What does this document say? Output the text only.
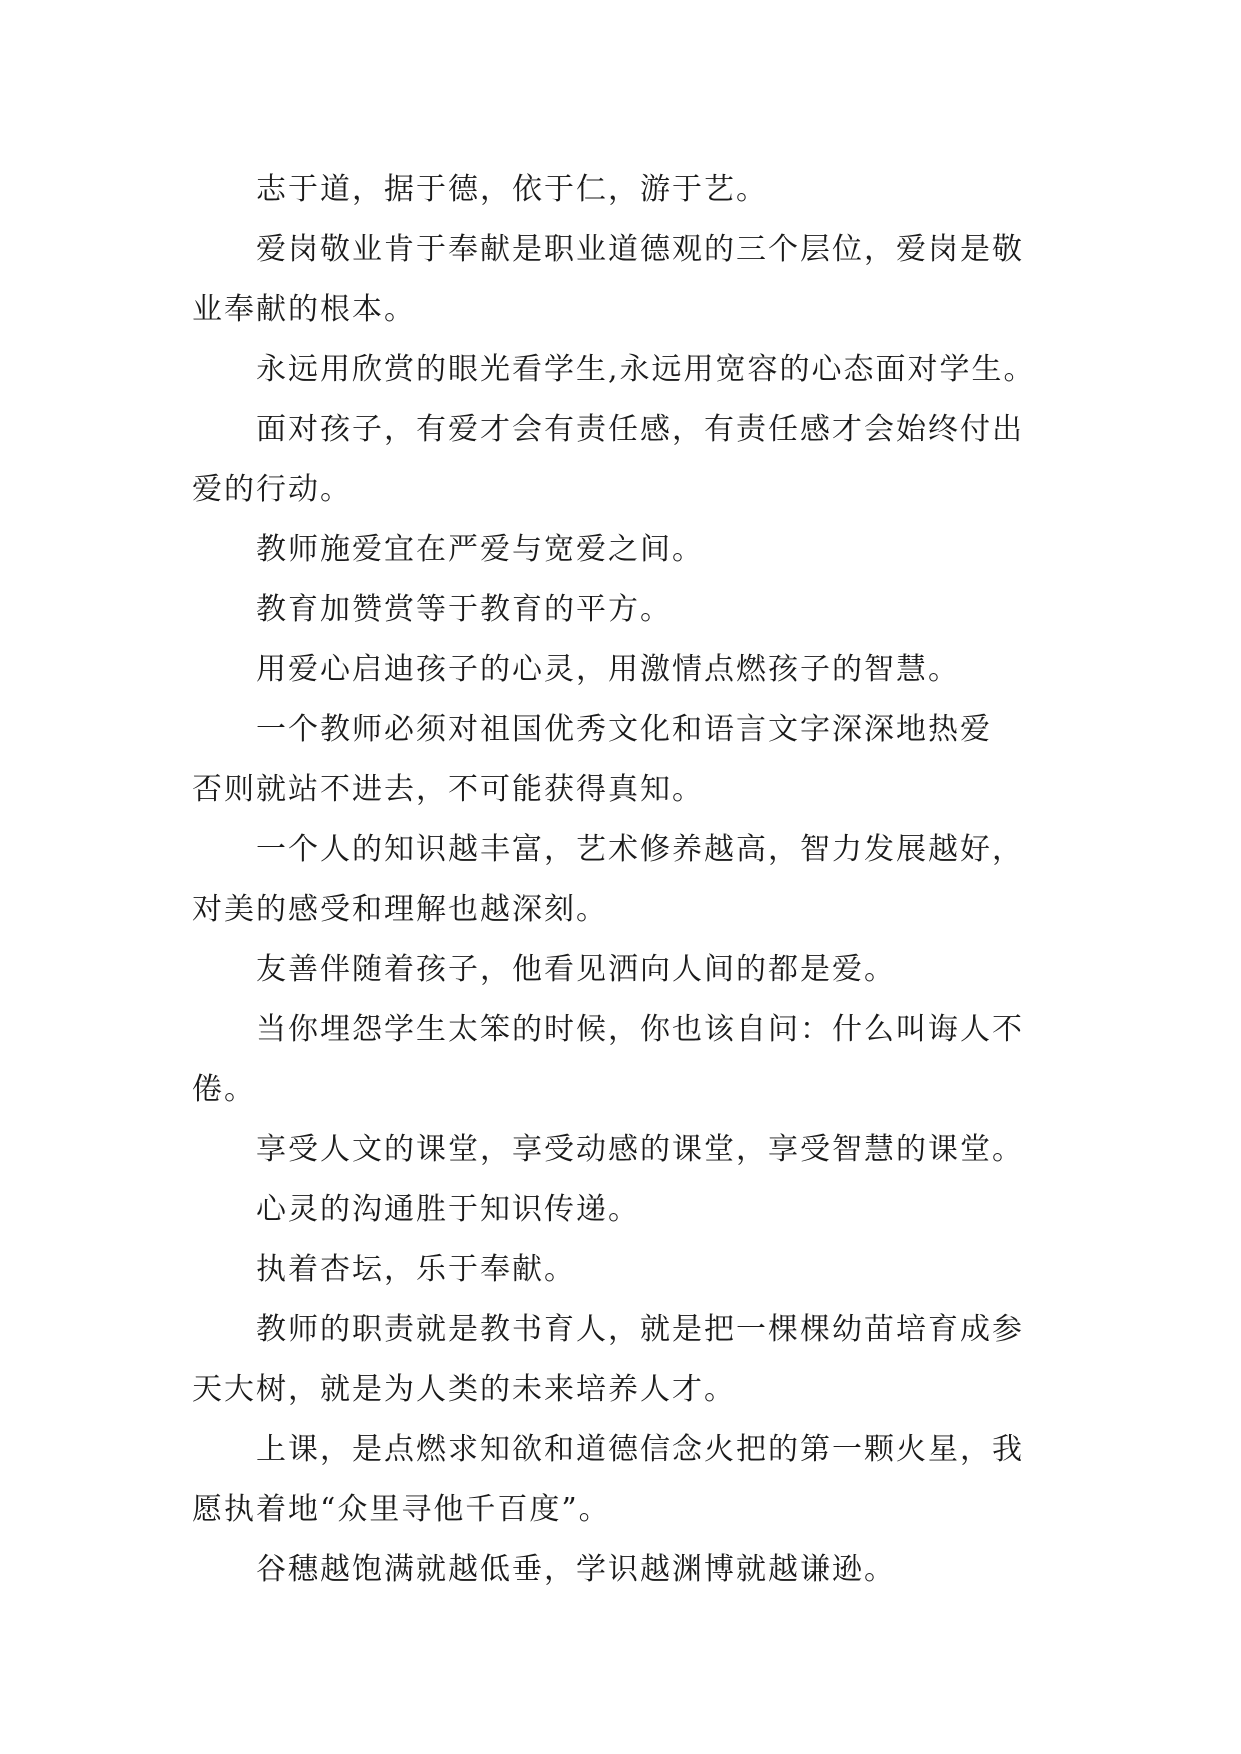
志于道，据于德，依于仁，游于艺。

爱岗敬业肯于奉献是职业道德观的三个层位，爱岗是敬
业奉献的根本。

永远用欣赏的眼光看学生,永远用宽容的心态面对学生。

面对孩子，有爱才会有责任感，有责任感才会始终付出
爱的行动。

教师施爱宜在严爱与宽爱之间。

教育加赞赏等于教育的平方。

用爱心启迪孩子的心灵，用激情点燃孩子的智慧。

一个教师必须对祖国优秀文化和语言文字深深地热爱
否则就站不进去，不可能获得真知。

一个人的知识越丰富，艺术修养越高，智力发展越好，
对美的感受和理解也越深刻。

友善伴随着孩子，他看见洒向人间的都是爱。

当你埋怨学生太笨的时候，你也该自问：什么叫诲人不
倦。

享受人文的课堂，享受动感的课堂，享受智慧的课堂。

心灵的沟通胜于知识传递。

执着杏坛，乐于奉献。

教师的职责就是教书育人，就是把一棵棵幼苗培育成参
天大树，就是为人类的未来培养人才。

上课，是点燃求知欲和道德信念火把的第一颗火星，我
愿执着地“众里寻他千百度”。

谷穗越饱满就越低垂，学识越渊博就越谦逊。
